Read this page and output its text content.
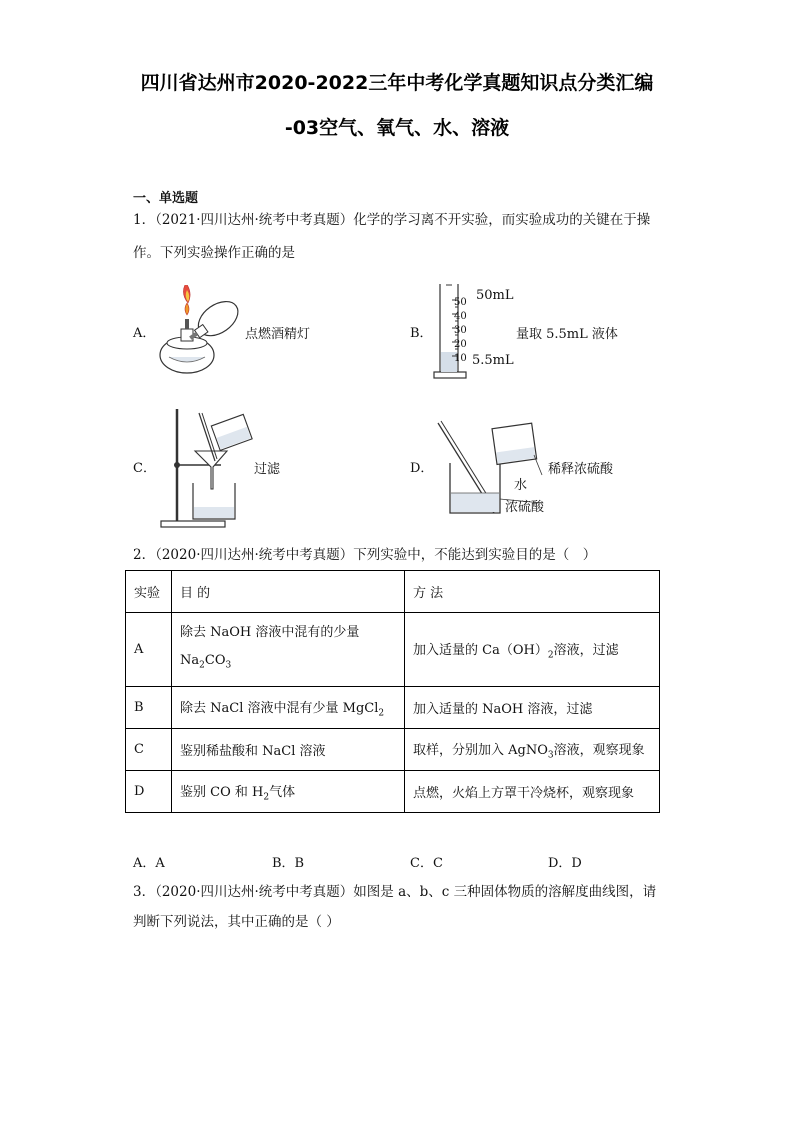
四川省达州市2020-2022三年中考化学真题知识点分类汇编
-03空气、氧气、水、溶液
一、单选题
1．（2021·四川达州·统考中考真题）化学的学习离不开实验，而实验成功的关键在于操
作。下列实验操作正确的是
A．	点燃酒精灯	B．
50
40
30
20
10
50mL
5.5mL
量取 5.5mL 液体
C．	过滤	D．	稀释浓硫酸
水
浓硫酸
2．（2020·四川达州·统考中考真题）下列实验中，不能达到实验目的是（　）
实验	目 的	方 法
A	除去 NaOH 溶液中混有的少量
$Na_2CO_3$	加入适量的 $Ca(OH)_2$溶液，过滤
B	除去 NaCl 溶液中混有少量 MgCl$_2$	加入适量的 NaOH 溶液，过滤
C	鉴别稀盐酸和 NaCl 溶液	取样，分别加入 AgNO$_3$溶液，观察现象
D	鉴别 CO 和 $H_2$气体	点燃，火焰上方罩干冷烧杯，观察现象
A．A	B．B	C．C	D．D
3．（2020·四川达州·统考中考真题）如图是 a、b、c 三种固体物质的溶解度曲线图，请
判断下列说法，其中正确的是（ ）
